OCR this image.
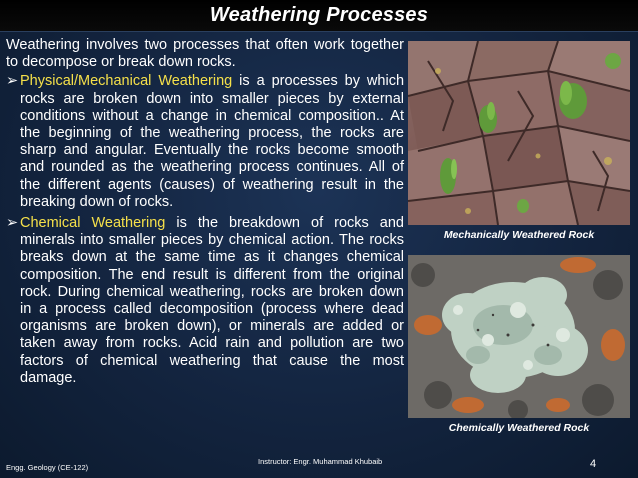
Weathering Processes

Weathering involves two processes that often work together to decompose or break down rocks.

➢ Physical/Mechanical Weathering is a processes by which rocks are broken down into smaller pieces by external conditions without a change in chemical composition.. At the beginning of the weathering process, the rocks are sharp and angular. Eventually the rocks become smooth and rounded as the weathering process continues. All of the different agents (causes) of weathering result in the breaking down of rocks.

➢ Chemical Weathering is the breakdown of rocks and minerals into smaller pieces by chemical action. The rocks breaks down at the same time as it changes chemical composition. The end result is different from the original rock. During chemical weathering, rocks are broken down in a process called decomposition (process where dead organisms are broken down), or minerals are added or taken away from rocks. Acid rain and pollution are two factors of chemical weathering that cause the most damage.

Mechanically Weathered Rock
Chemically Weathered Rock
Engg. Geology (CE-122)
Instructor: Engr. Muhammad Khubaib	4
